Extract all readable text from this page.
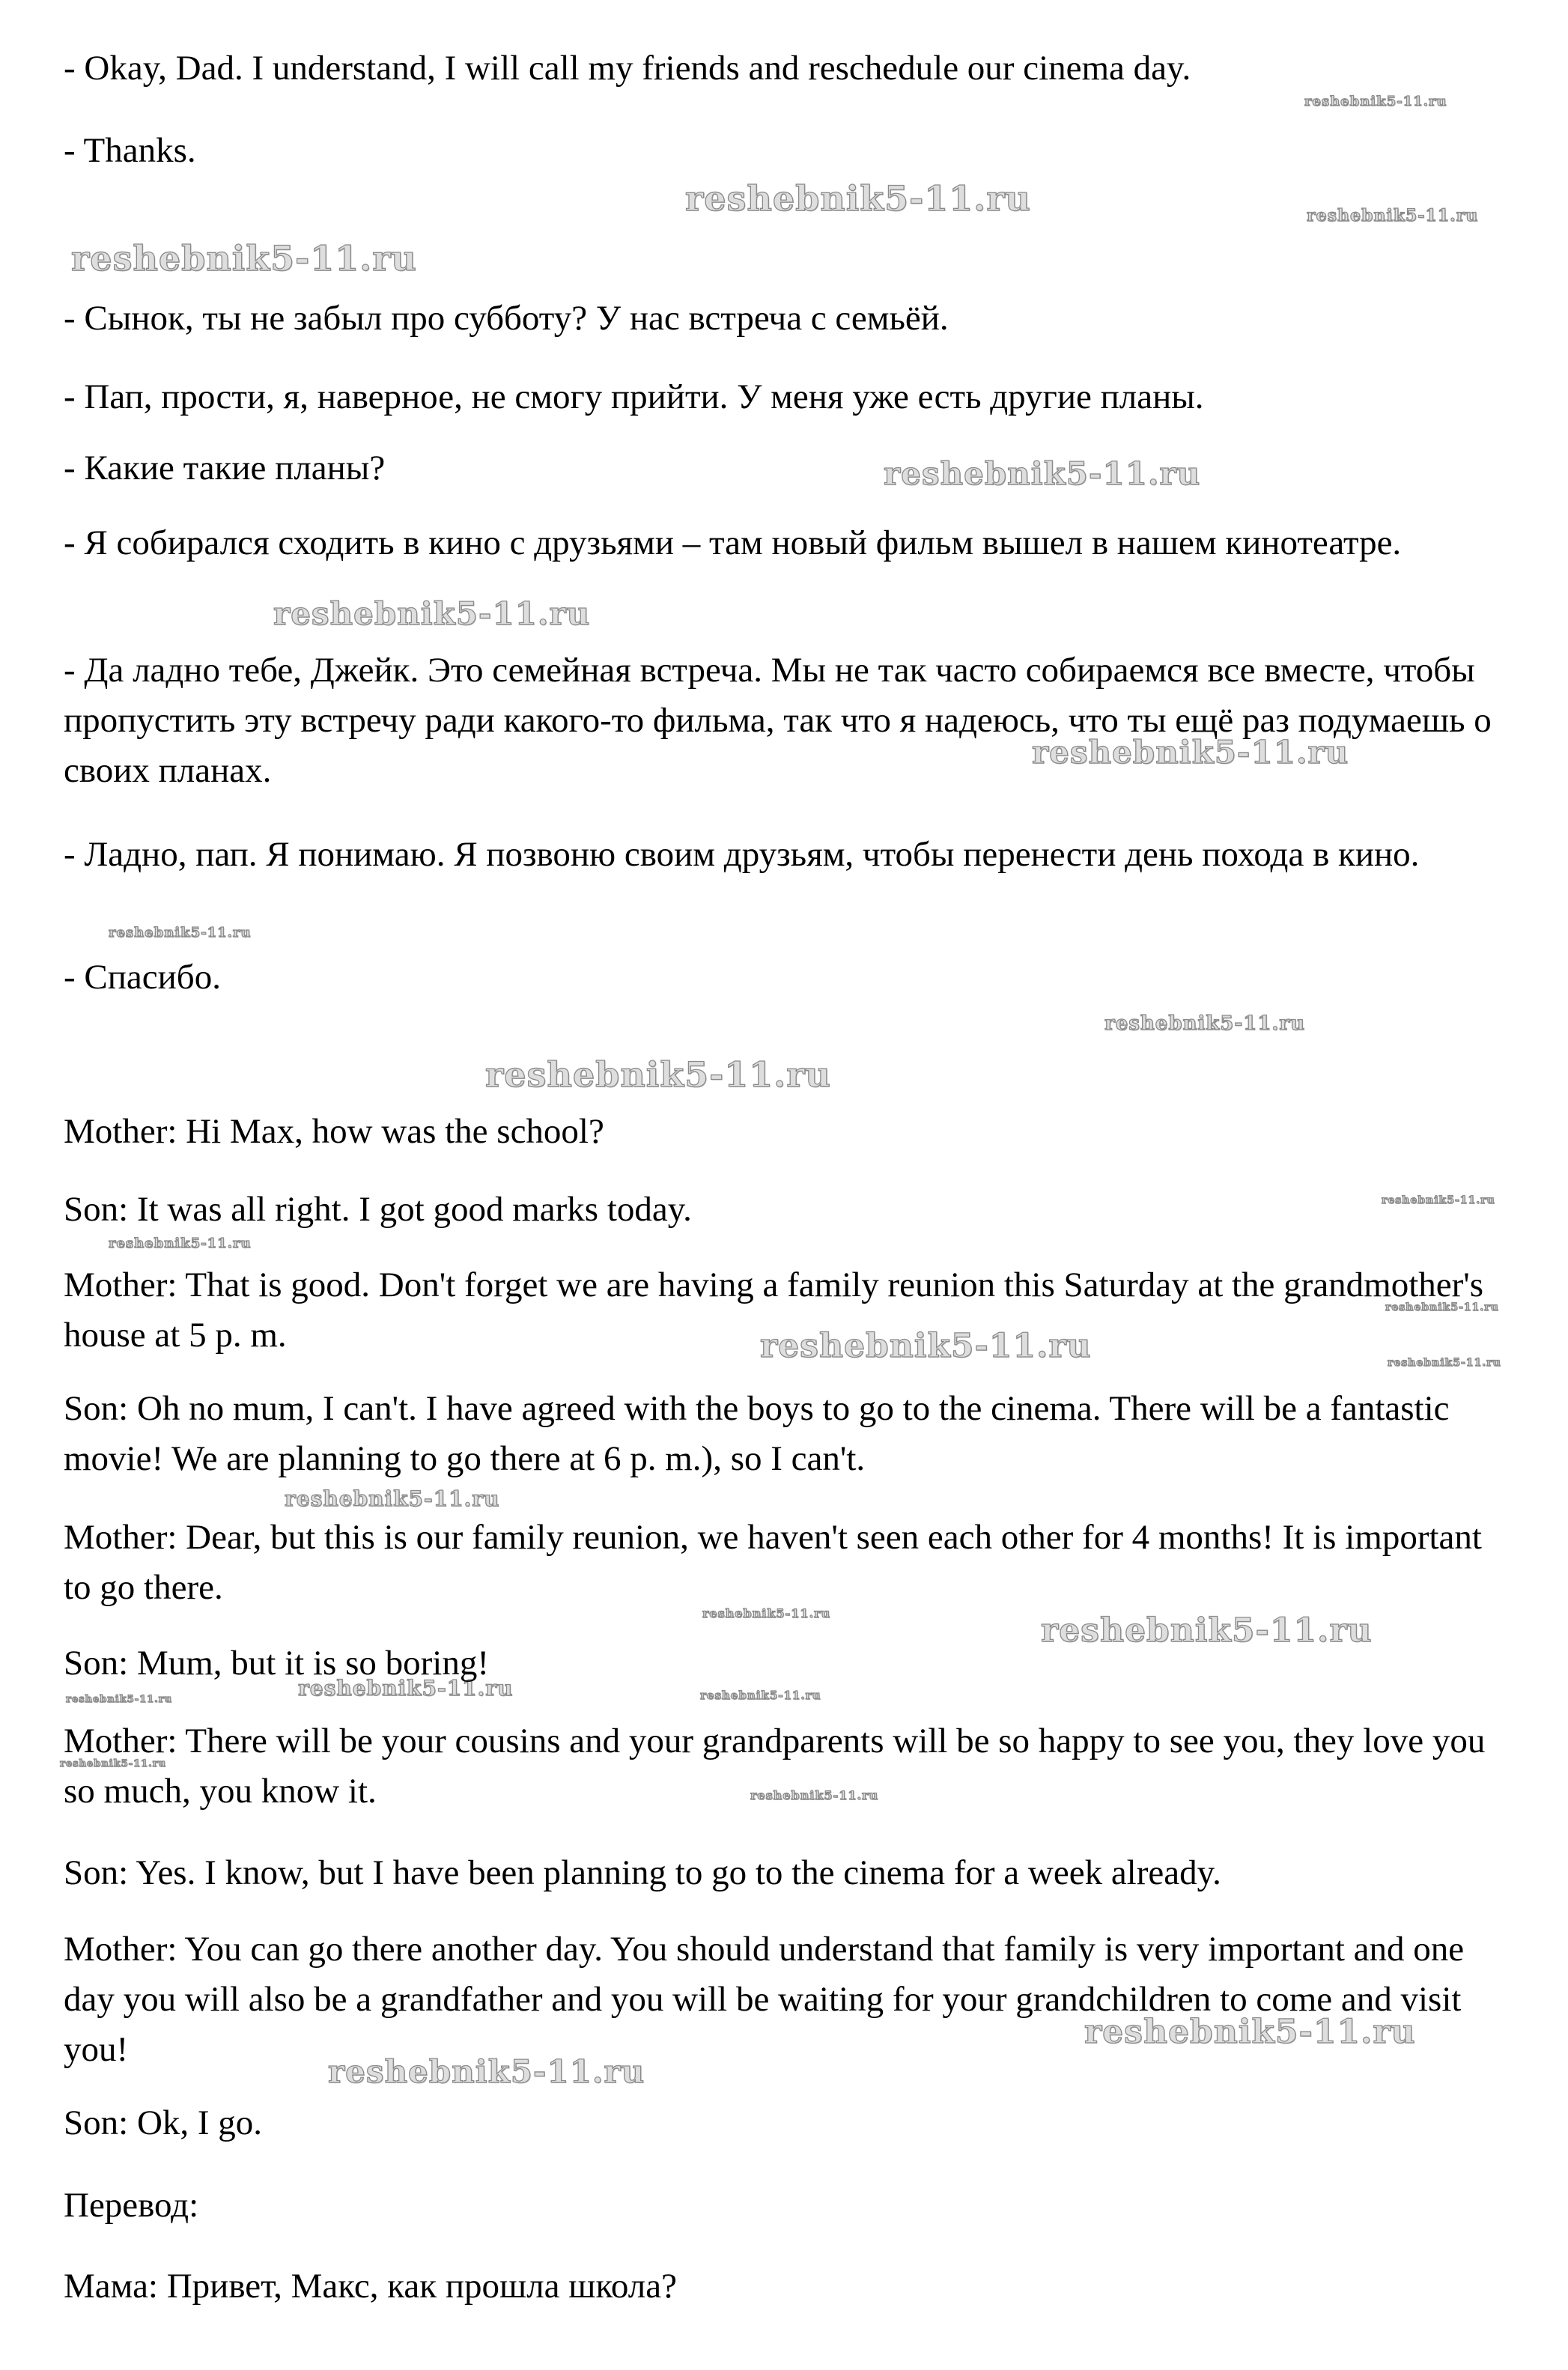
reshebnik5-11.ru
reshebnik5-11.ru	reshebnik5-11.ru
reshebnik5-11.ru
reshebnik5-11.ru
reshebnik5-11.ru
reshebnik5-11.ru
reshebnik5-11.ru
reshebnik5-11.ru
reshebnik5-11.ru
reshebnik5-11.ru
reshebnik5-11.ru
reshebnik5-11.ru
reshebnik5-11.ru	reshebnik5-11.ru
reshebnik5-11.ru
reshebnik5-11.ru	reshebnik5-11.ru
reshebnik5-11.ru
reshebnik5-11.ru	reshebnik5-11.ru
reshebnik5-11.ru
reshebnik5-11.ru
reshebnik5-11.ru
reshebnik5-11.ru
- Okay, Dad. I understand, I will call my friends and reschedule our cinema day.
- Thanks.
- Сынок, ты не забыл про субботу? У нас встреча с семьёй.
- Пап, прости, я, наверное, не смогу прийти. У меня уже есть другие планы.
- Какие такие планы?
- Я собирался сходить в кино с друзьями – там новый фильм вышел в нашем кинотеатре.
- Да ладно тебе, Джейк. Это семейная встреча. Мы не так часто собираемся все вместе, чтобы пропустить эту встречу ради какого-то фильма, так что я надеюсь, что ты ещё раз подумаешь о своих планах.
- Ладно, пап. Я понимаю. Я позвоню своим друзьям, чтобы перенести день похода в кино.
- Спасибо.
Mother: Hi Max, how was the school?
Son: It was all right. I got good marks today.
Mother: That is good. Don't forget we are having a family reunion this Saturday at the grandmother's house at 5 p. m.
Son: Oh no mum, I can't. I have agreed with the boys to go to the cinema. There will be a fantastic movie! We are planning to go there at 6 p. m.), so I can't.
Mother: Dear, but this is our family reunion, we haven't seen each other for 4 months! It is important to go there.
Son: Mum, but it is so boring!
Mother: There will be your cousins and your grandparents will be so happy to see you, they love you so much, you know it.
Son: Yes. I know, but I have been planning to go to the cinema for a week already.
Mother: You can go there another day. You should understand that family is very important and one day you will also be a grandfather and you will be waiting for your grandchildren to come and visit you!
Son: Ok, I go.
Перевод:
Мама: Привет, Макс, как прошла школа?
